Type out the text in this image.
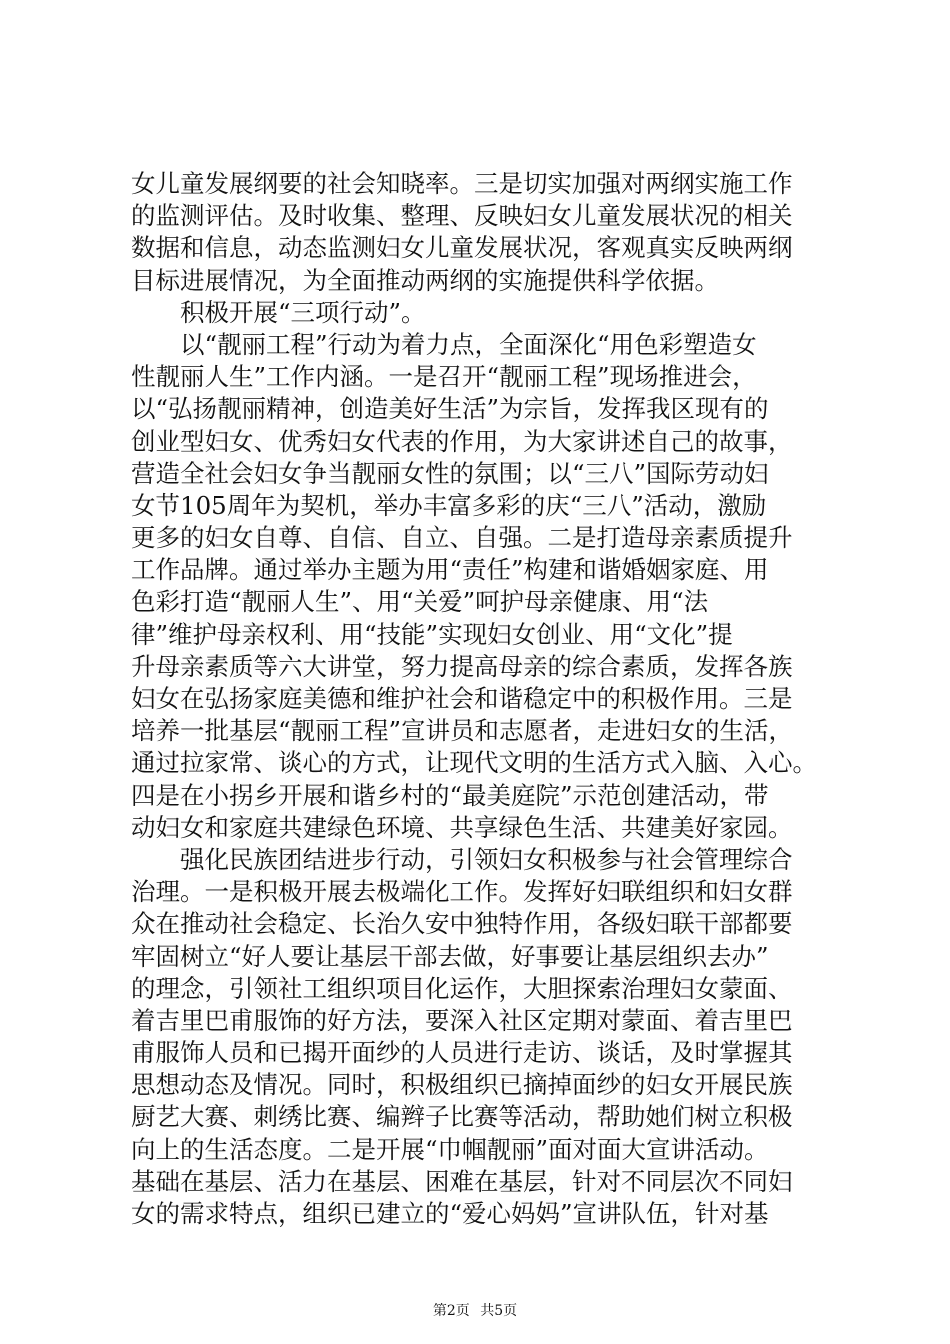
女儿童发展纲要的社会知晓率。三是切实加强对两纲实施工作
的监测评估。及时收集、整理、反映妇女儿童发展状况的相关
数据和信息，动态监测妇女儿童发展状况，客观真实反映两纲
目标进展情况，为全面推动两纲的实施提供科学依据。
积极开展“三项行动”。
以“靓丽工程”行动为着力点，全面深化“用色彩塑造女
性靓丽人生”工作内涵。一是召开“靓丽工程”现场推进会，
以“弘扬靓丽精神，创造美好生活”为宗旨，发挥我区现有的
创业型妇女、优秀妇女代表的作用，为大家讲述自己的故事，
营造全社会妇女争当靓丽女性的氛围；以“三八”国际劳动妇
女节105周年为契机，举办丰富多彩的庆“三八”活动，激励
更多的妇女自尊、自信、自立、自强。二是打造母亲素质提升
工作品牌。通过举办主题为用“责任”构建和谐婚姻家庭、用
色彩打造“靓丽人生”、用“关爱”呵护母亲健康、用“法
律”维护母亲权利、用“技能”实现妇女创业、用“文化”提
升母亲素质等六大讲堂，努力提高母亲的综合素质，发挥各族
妇女在弘扬家庭美德和维护社会和谐稳定中的积极作用。三是
培养一批基层“靓丽工程”宣讲员和志愿者，走进妇女的生活，
通过拉家常、谈心的方式，让现代文明的生活方式入脑、入心。
四是在小拐乡开展和谐乡村的“最美庭院”示范创建活动，带
动妇女和家庭共建绿色环境、共享绿色生活、共建美好家园。
强化民族团结进步行动，引领妇女积极参与社会管理综合
治理。一是积极开展去极端化工作。发挥好妇联组织和妇女群
众在推动社会稳定、长治久安中独特作用，各级妇联干部都要
牢固树立“好人要让基层干部去做，好事要让基层组织去办”
的理念，引领社工组织项目化运作，大胆探索治理妇女蒙面、
着吉里巴甫服饰的好方法，要深入社区定期对蒙面、着吉里巴
甫服饰人员和已揭开面纱的人员进行走访、谈话，及时掌握其
思想动态及情况。同时，积极组织已摘掉面纱的妇女开展民族
厨艺大赛、刺绣比赛、编辫子比赛等活动，帮助她们树立积极
向上的生活态度。二是开展“巾帼靓丽”面对面大宣讲活动。
基础在基层、活力在基层、困难在基层，针对不同层次不同妇
女的需求特点，组织已建立的“爱心妈妈”宣讲队伍，针对基
第2页 共5页
